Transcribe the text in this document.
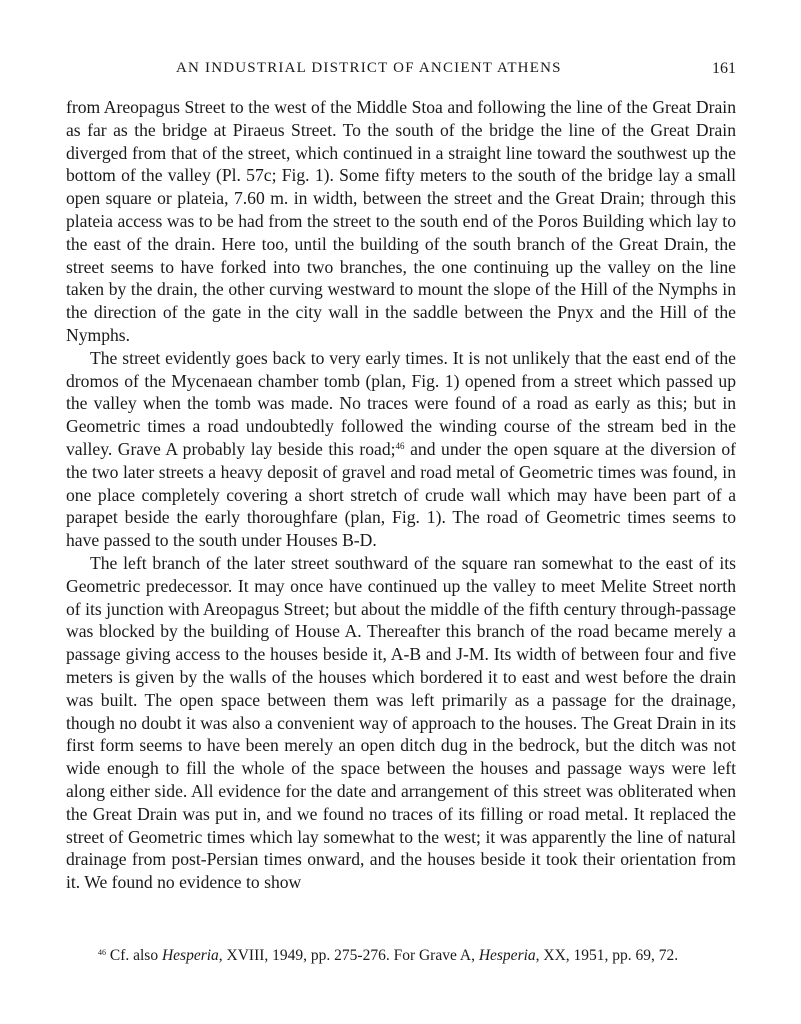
AN INDUSTRIAL DISTRICT OF ANCIENT ATHENS	161

from Areopagus Street to the west of the Middle Stoa and following the line of the Great Drain as far as the bridge at Piraeus Street. To the south of the bridge the line of the Great Drain diverged from that of the street, which continued in a straight line toward the southwest up the bottom of the valley (Pl. 57c; Fig. 1). Some fifty meters to the south of the bridge lay a small open square or plateia, 7.60 m. in width, between the street and the Great Drain; through this plateia access was to be had from the street to the south end of the Poros Building which lay to the east of the drain. Here too, until the building of the south branch of the Great Drain, the street seems to have forked into two branches, the one continuing up the valley on the line taken by the drain, the other curving westward to mount the slope of the Hill of the Nymphs in the direction of the gate in the city wall in the saddle between the Pnyx and the Hill of the Nymphs.

The street evidently goes back to very early times. It is not unlikely that the east end of the dromos of the Mycenaean chamber tomb (plan, Fig. 1) opened from a street which passed up the valley when the tomb was made. No traces were found of a road as early as this; but in Geometric times a road undoubtedly followed the winding course of the stream bed in the valley. Grave A probably lay beside this road;$^{46}$ and under the open square at the diversion of the two later streets a heavy deposit of gravel and road metal of Geometric times was found, in one place completely covering a short stretch of crude wall which may have been part of a parapet beside the early thoroughfare (plan, Fig. 1). The road of Geometric times seems to have passed to the south under Houses B-D.

The left branch of the later street southward of the square ran somewhat to the east of its Geometric predecessor. It may once have continued up the valley to meet Melite Street north of its junction with Areopagus Street; but about the middle of the fifth century through-passage was blocked by the building of House A. Thereafter this branch of the road became merely a passage giving access to the houses beside it, A-B and J-M. Its width of between four and five meters is given by the walls of the houses which bordered it to east and west before the drain was built. The open space between them was left primarily as a passage for the drainage, though no doubt it was also a convenient way of approach to the houses. The Great Drain in its first form seems to have been merely an open ditch dug in the bedrock, but the ditch was not wide enough to fill the whole of the space between the houses and passage ways were left along either side. All evidence for the date and arrangement of this street was obliterated when the Great Drain was put in, and we found no traces of its filling or road metal. It replaced the street of Geometric times which lay somewhat to the west; it was apparently the line of natural drainage from post-Persian times onward, and the houses beside it took their orientation from it. We found no evidence to show

$^{46}$ Cf. also Hesperia, XVIII, 1949, pp. 275-276. For Grave A, Hesperia, XX, 1951, pp. 69, 72.
